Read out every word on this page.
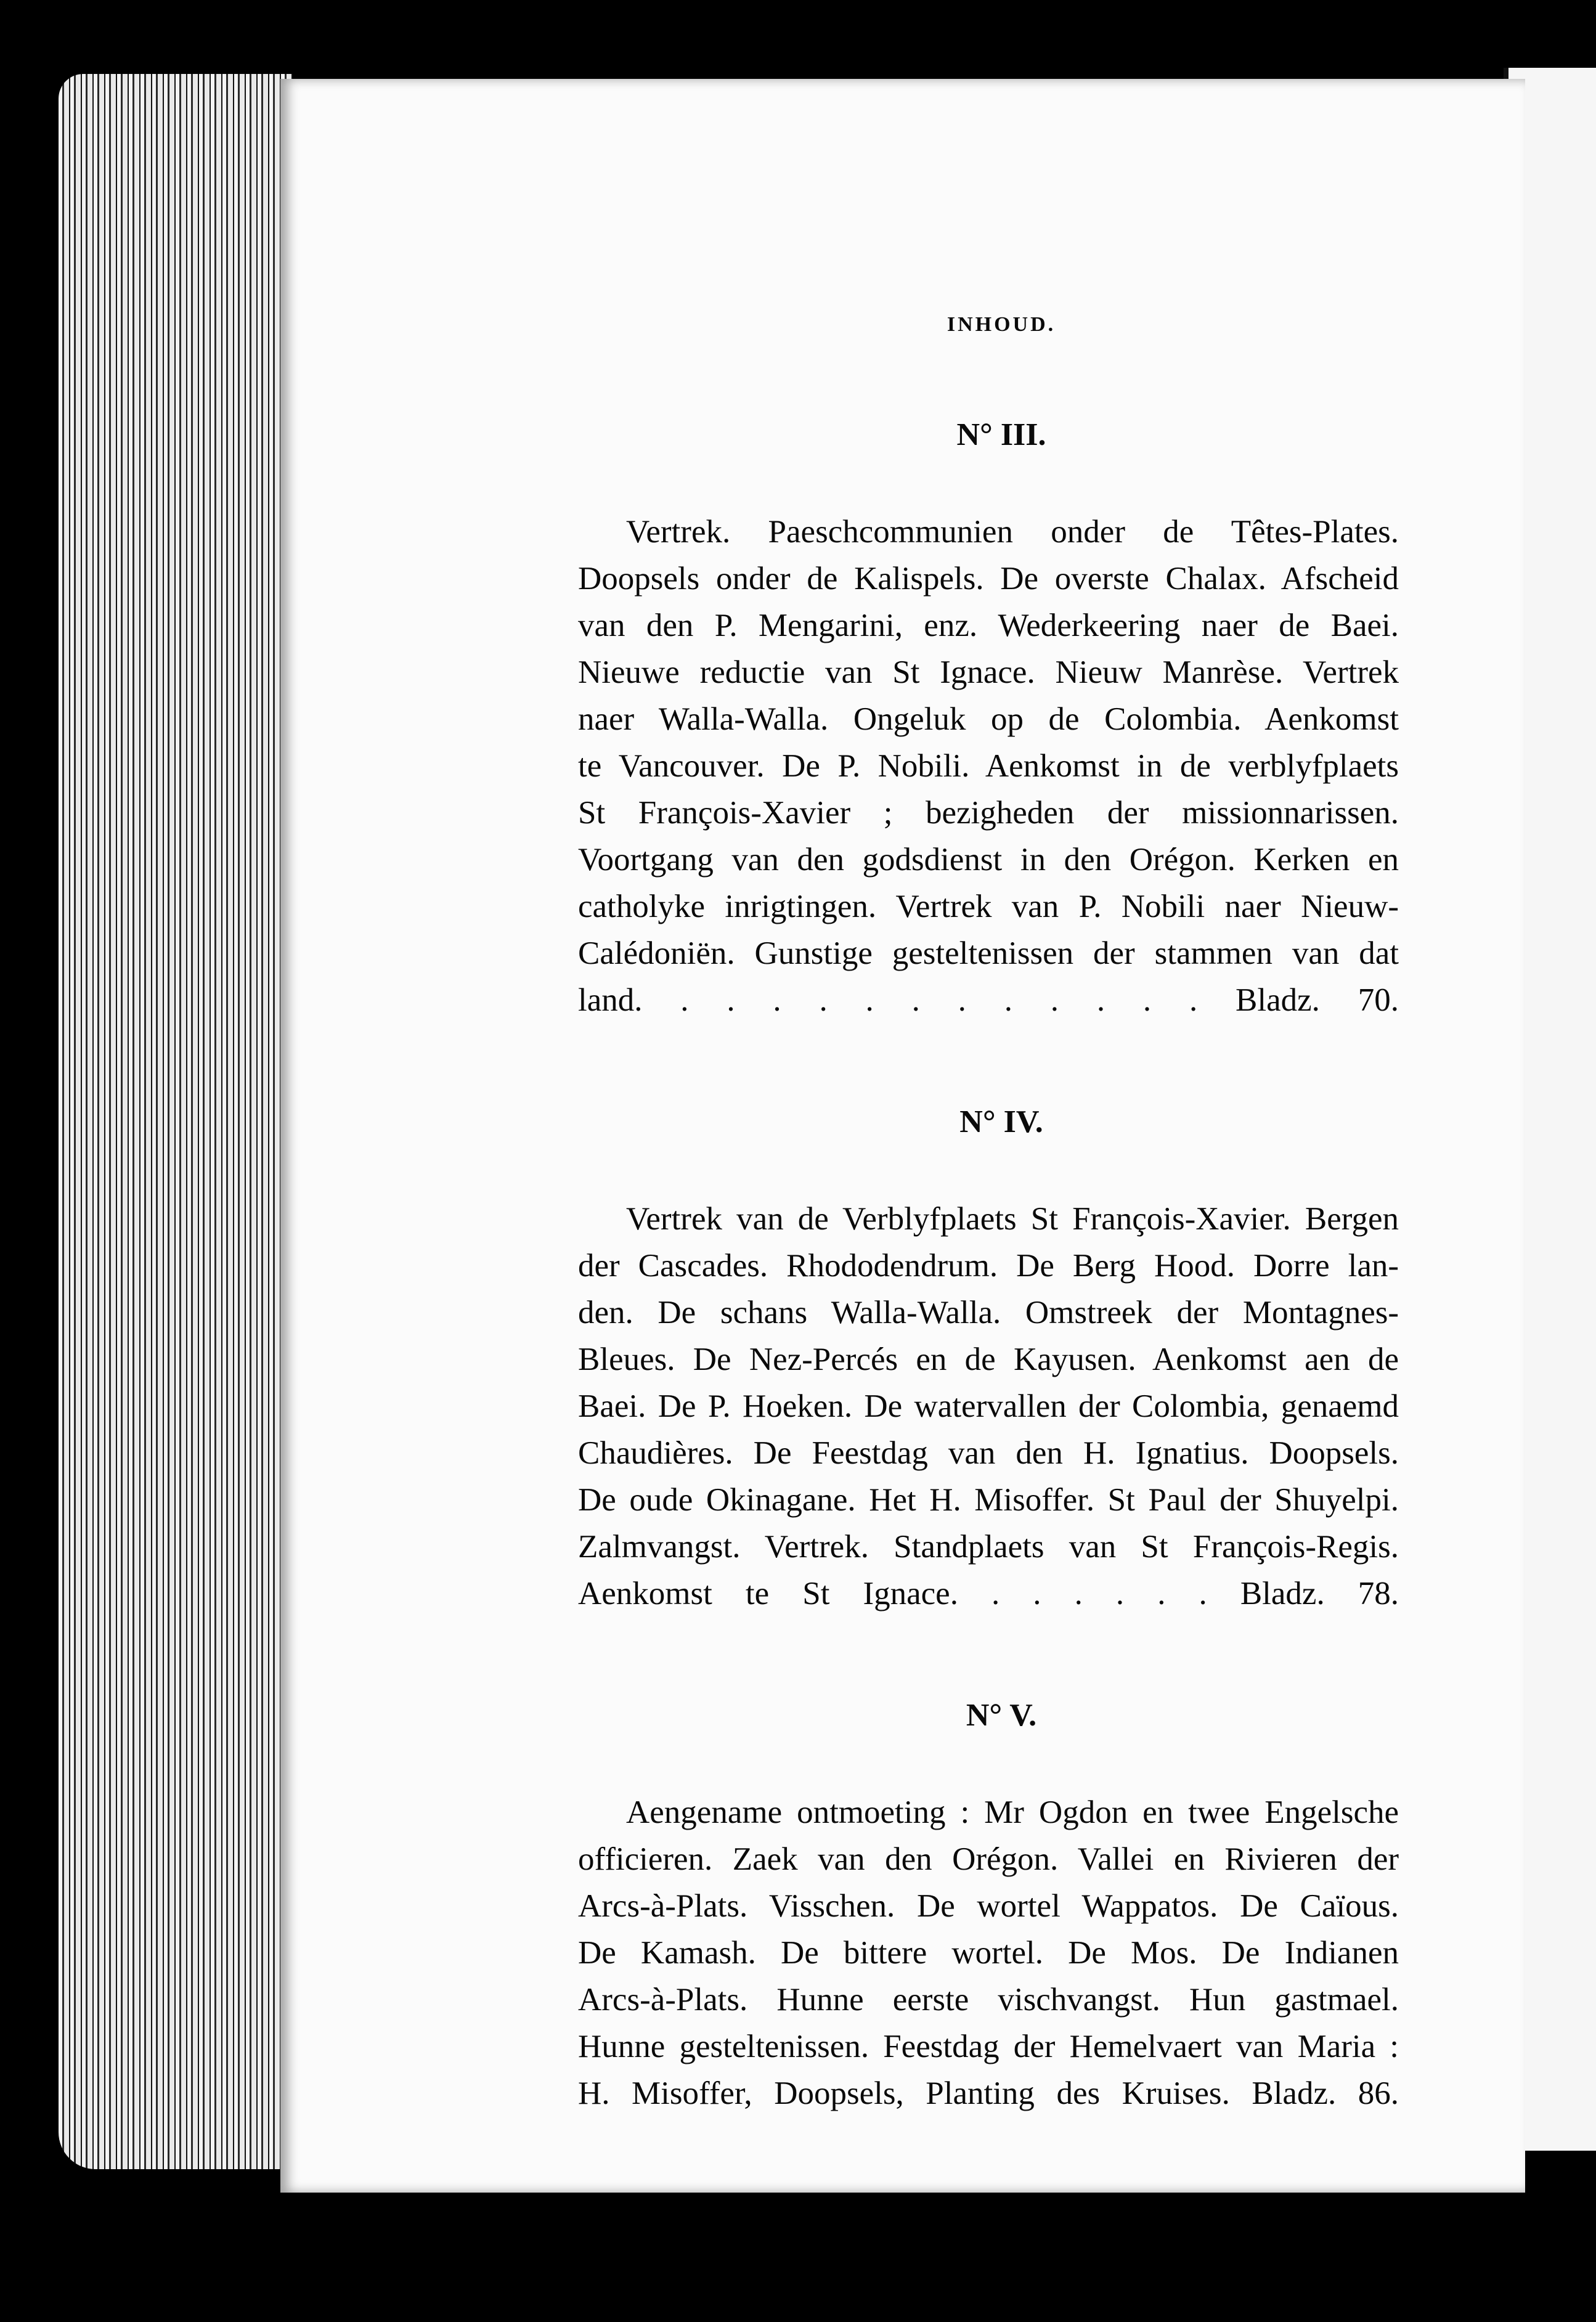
INHOUD.
N° III.

Vertrek. Paeschcommunien onder de Têtes-Plates.
Doopsels onder de Kalispels. De overste Chalax. Afscheid
van den P. Mengarini, enz. Wederkeering naer de Baei.
Nieuwe reductie van St Ignace. Nieuw Manrèse. Vertrek
naer Walla-Walla. Ongeluk op de Colombia. Aenkomst
te Vancouver. De P. Nobili. Aenkomst in de verblyfplaets
St François-Xavier ; bezigheden der missionnarissen.
Voortgang van den godsdienst in den Orégon. Kerken en
catholyke inrigtingen. Vertrek van P. Nobili naer Nieuw-
Calédoniën. Gunstige gesteltenissen der stammen van dat
land. . . . . . . . . . . . . Bladz. 70.

N° IV.

Vertrek van de Verblyfplaets St François-Xavier. Bergen
der Cascades. Rhododendrum. De Berg Hood. Dorre lan-
den. De schans Walla-Walla. Omstreek der Montagnes-
Bleues. De Nez-Percés en de Kayusen. Aenkomst aen de
Baei. De P. Hoeken. De watervallen der Colombia, genaemd
Chaudières. De Feestdag van den H. Ignatius. Doopsels.
De oude Okinagane. Het H. Misoffer. St Paul der Shuyelpi.
Zalmvangst. Vertrek. Standplaets van St François-Regis.
Aenkomst te St Ignace. . . . . . . Bladz. 78.

N° V.

Aengename ontmoeting : Mr Ogdon en twee Engelsche
officieren. Zaek van den Orégon. Vallei en Rivieren der
Arcs-à-Plats. Visschen. De wortel Wappatos. De Caïous.
De Kamash. De bittere wortel. De Mos. De Indianen
Arcs-à-Plats. Hunne eerste vischvangst. Hun gastmael.
Hunne gesteltenissen. Feestdag der Hemelvaert van Maria :
H. Misoffer, Doopsels, Planting des Kruises. Bladz. 86.
